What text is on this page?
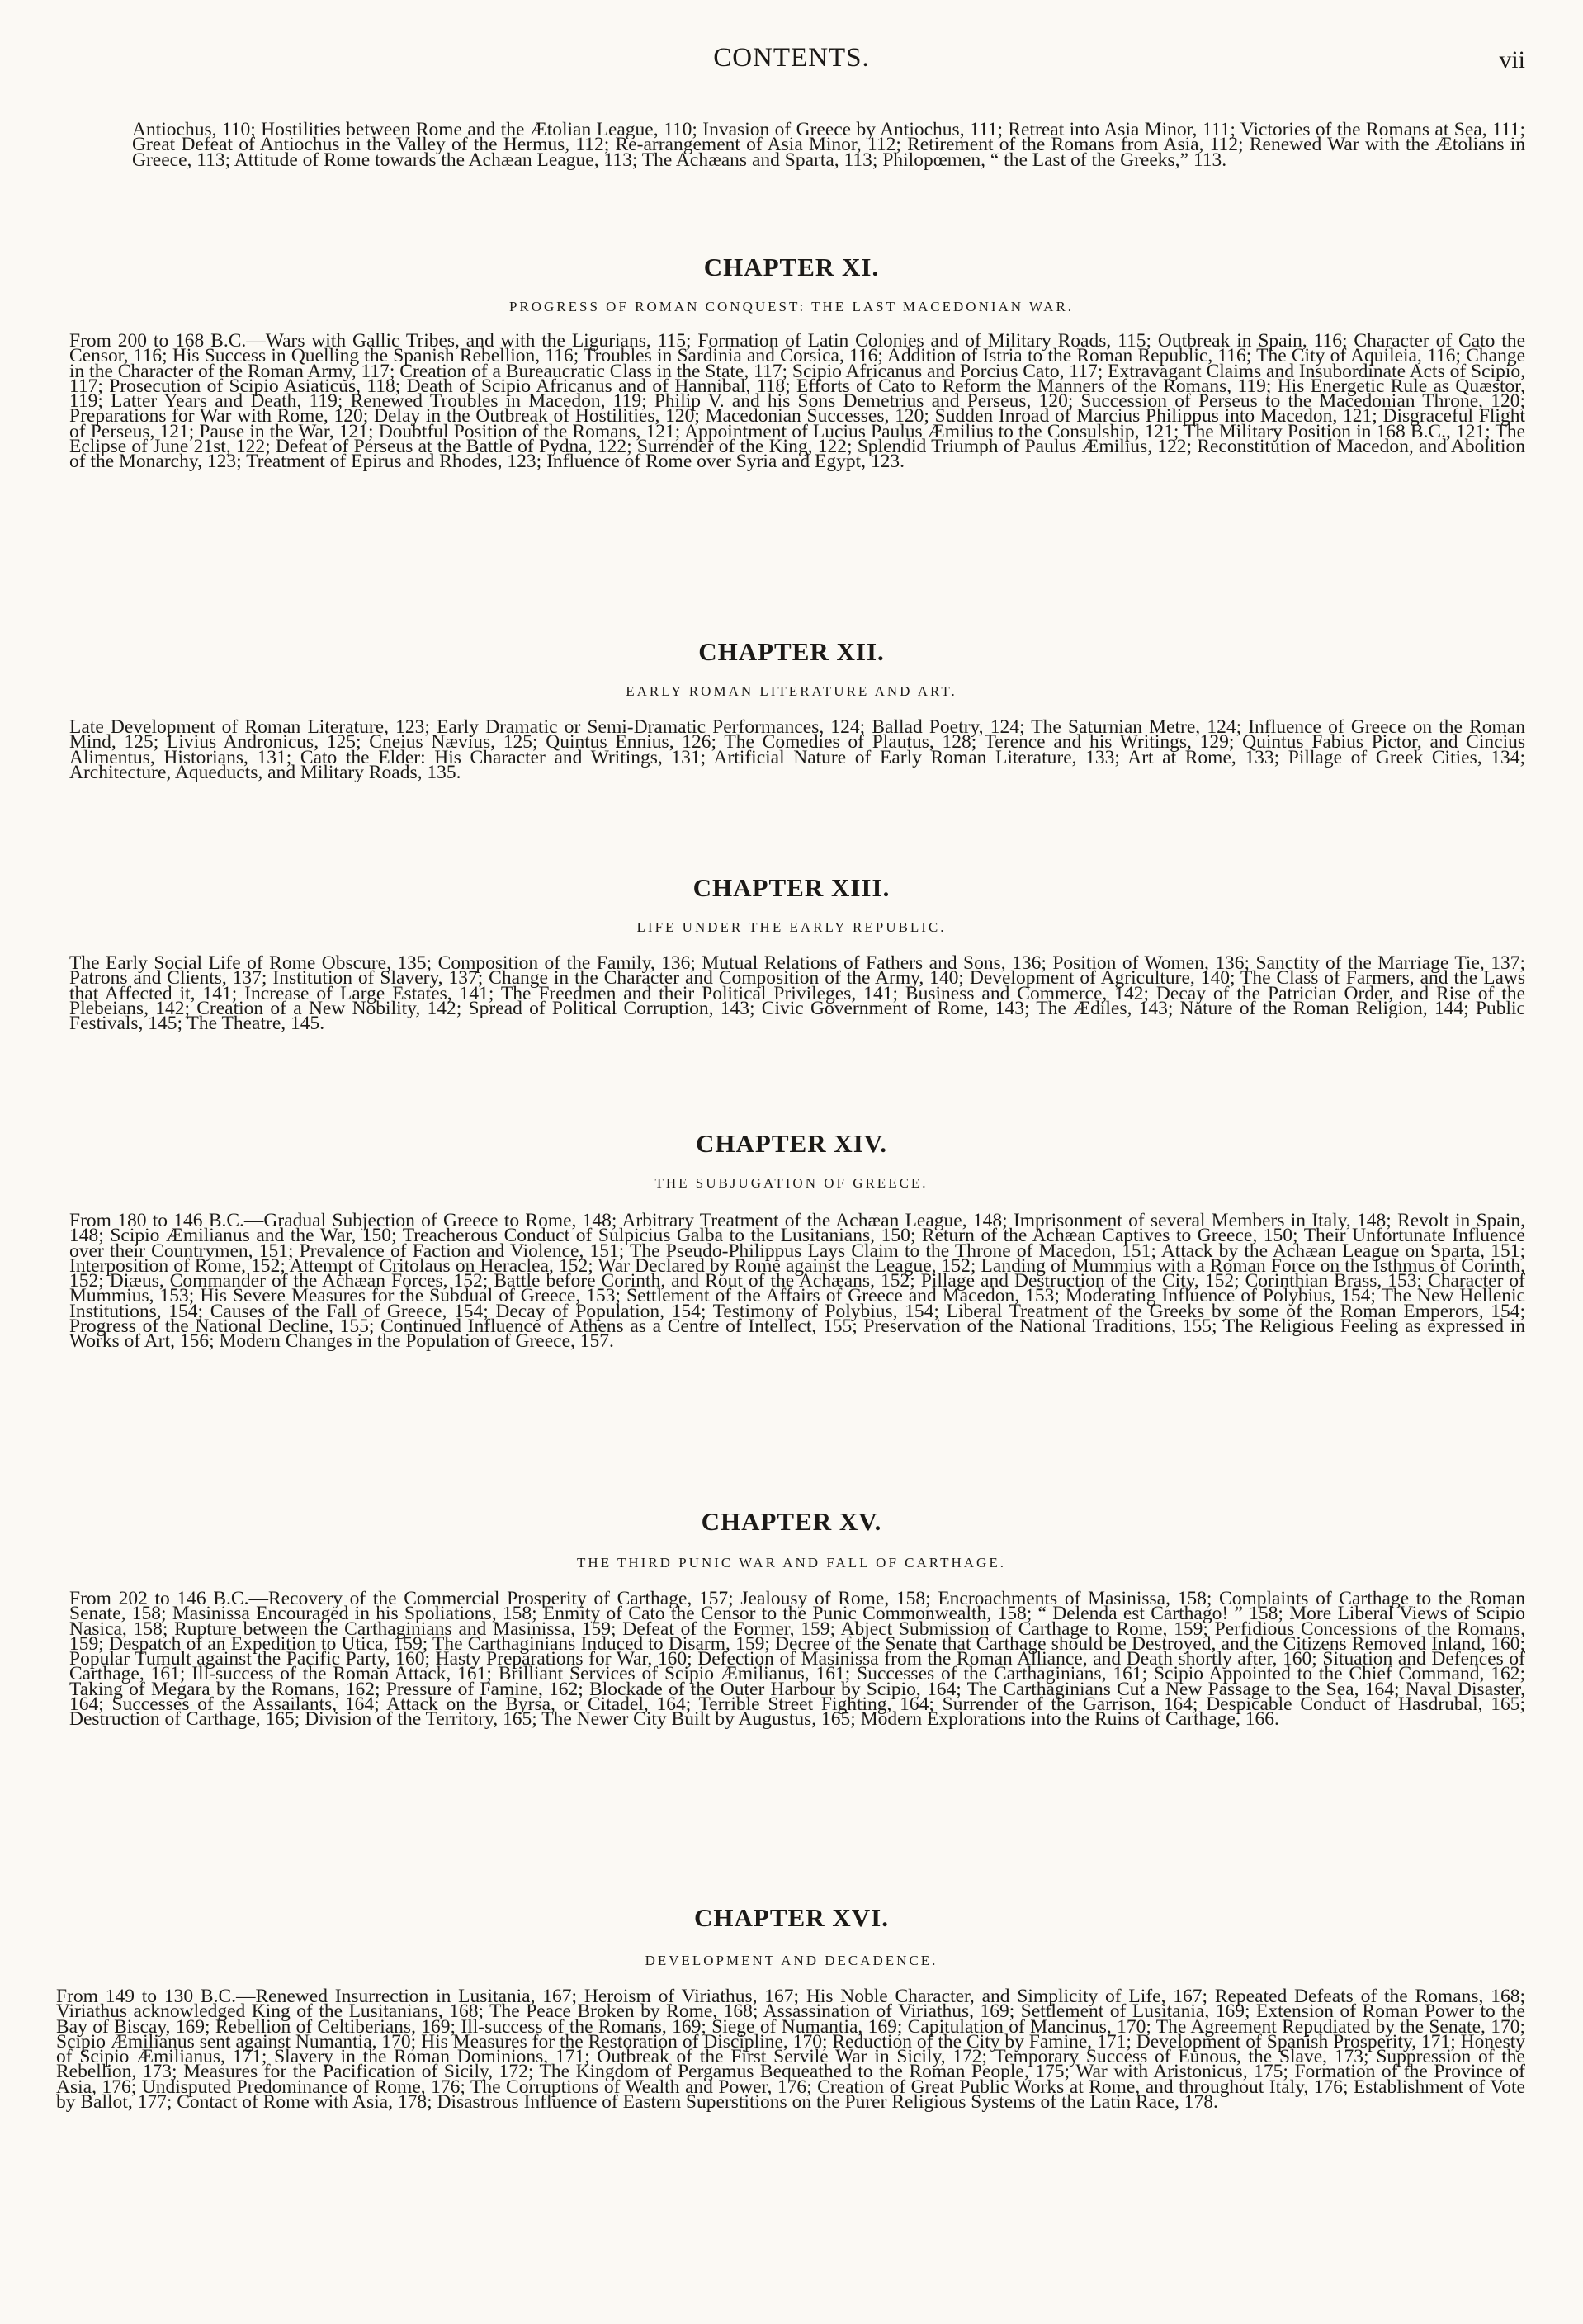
CONTENTS.	vii

Antiochus, 110; Hostilities between Rome and the Ætolian League, 110; Invasion of Greece by Antiochus, 111; Retreat into Asia Minor, 111; Victories of the Romans at Sea, 111; Great Defeat of Antiochus in the Valley of the Hermus, 112; Re-arrangement of Asia Minor, 112; Retirement of the Romans from Asia, 112; Renewed War with the Ætolians in Greece, 113; Attitude of Rome towards the Achæan League, 113; The Achæans and Sparta, 113; Philopœmen, “ the Last of the Greeks,” 113.

CHAPTER XI.
PROGRESS OF ROMAN CONQUEST: THE LAST MACEDONIAN WAR.

From 200 to 168 B.C.—Wars with Gallic Tribes, and with the Ligurians, 115; Formation of Latin Colonies and of Military Roads, 115; Outbreak in Spain, 116; Character of Cato the Censor, 116; His Success in Quelling the Spanish Rebellion, 116; Troubles in Sardinia and Corsica, 116; Addition of Istria to the Roman Republic, 116; The City of Aquileia, 116; Change in the Character of the Roman Army, 117; Creation of a Bureaucratic Class in the State, 117; Scipio Africanus and Porcius Cato, 117; Extravagant Claims and Insubordinate Acts of Scipio, 117; Prosecution of Scipio Asiaticus, 118; Death of Scipio Africanus and of Hannibal, 118; Efforts of Cato to Reform the Manners of the Romans, 119; His Energetic Rule as Quæstor, 119; Latter Years and Death, 119; Renewed Troubles in Macedon, 119; Philip V. and his Sons Demetrius and Perseus, 120; Succession of Perseus to the Macedonian Throne, 120; Preparations for War with Rome, 120; Delay in the Outbreak of Hostilities, 120; Macedonian Successes, 120; Sudden Inroad of Marcius Philippus into Macedon, 121; Disgraceful Flight of Perseus, 121; Pause in the War, 121; Doubtful Position of the Romans, 121; Appointment of Lucius Paulus Æmilius to the Consulship, 121; The Military Position in 168 B.C., 121; The Eclipse of June 21st, 122; Defeat of Perseus at the Battle of Pydna, 122; Surrender of the King, 122; Splendid Triumph of Paulus Æmilius, 122; Reconstitution of Macedon, and Abolition of the Monarchy, 123; Treatment of Epirus and Rhodes, 123; Influence of Rome over Syria and Egypt, 123.

CHAPTER XII.
EARLY ROMAN LITERATURE AND ART.

Late Development of Roman Literature, 123; Early Dramatic or Semi-Dramatic Performances, 124; Ballad Poetry, 124; The Saturnian Metre, 124; Influence of Greece on the Roman Mind, 125; Livius Andronicus, 125; Cneius Nævius, 125; Quintus Ennius, 126; The Comedies of Plautus, 128; Terence and his Writings, 129; Quintus Fabius Pictor, and Cincius Alimentus, Historians, 131; Cato the Elder: His Character and Writings, 131; Artificial Nature of Early Roman Literature, 133; Art at Rome, 133; Pillage of Greek Cities, 134; Architecture, Aqueducts, and Military Roads, 135.

CHAPTER XIII.
LIFE UNDER THE EARLY REPUBLIC.

The Early Social Life of Rome Obscure, 135; Composition of the Family, 136; Mutual Relations of Fathers and Sons, 136; Position of Women, 136; Sanctity of the Marriage Tie, 137; Patrons and Clients, 137; Institution of Slavery, 137; Change in the Character and Composition of the Army, 140; Development of Agriculture, 140; The Class of Farmers, and the Laws that Affected it, 141; Increase of Large Estates, 141; The Freedmen and their Political Privileges, 141; Business and Commerce, 142; Decay of the Patrician Order, and Rise of the Plebeians, 142; Creation of a New Nobility, 142; Spread of Political Corruption, 143; Civic Government of Rome, 143; The Ædiles, 143; Nature of the Roman Religion, 144; Public Festivals, 145; The Theatre, 145.

CHAPTER XIV.
THE SUBJUGATION OF GREECE.

From 180 to 146 B.C.—Gradual Subjection of Greece to Rome, 148; Arbitrary Treatment of the Achæan League, 148; Imprisonment of several Members in Italy, 148; Revolt in Spain, 148; Scipio Æmilianus and the War, 150; Treacherous Conduct of Sulpicius Galba to the Lusitanians, 150; Return of the Achæan Captives to Greece, 150; Their Unfortunate Influence over their Countrymen, 151; Prevalence of Faction and Violence, 151; The Pseudo-Philippus Lays Claim to the Throne of Macedon, 151; Attack by the Achæan League on Sparta, 151; Interposition of Rome, 152; Attempt of Critolaus on Heraclea, 152; War Declared by Rome against the League, 152; Landing of Mummius with a Roman Force on the Isthmus of Corinth, 152; Diæus, Commander of the Achæan Forces, 152; Battle before Corinth, and Rout of the Achæans, 152; Pillage and Destruction of the City, 152; Corinthian Brass, 153; Character of Mummius, 153; His Severe Measures for the Subdual of Greece, 153; Settlement of the Affairs of Greece and Macedon, 153; Moderating Influence of Polybius, 154; The New Hellenic Institutions, 154; Causes of the Fall of Greece, 154; Decay of Population, 154; Testimony of Polybius, 154; Liberal Treatment of the Greeks by some of the Roman Emperors, 154; Progress of the National Decline, 155; Continued Influence of Athens as a Centre of Intellect, 155; Preservation of the National Traditions, 155; The Religious Feeling as expressed in Works of Art, 156; Modern Changes in the Population of Greece, 157.

CHAPTER XV.
THE THIRD PUNIC WAR AND FALL OF CARTHAGE.

From 202 to 146 B.C.—Recovery of the Commercial Prosperity of Carthage, 157; Jealousy of Rome, 158; Encroachments of Masinissa, 158; Complaints of Carthage to the Roman Senate, 158; Masinissa Encouraged in his Spoliations, 158; Enmity of Cato the Censor to the Punic Commonwealth, 158; “ Delenda est Carthago! ” 158; More Liberal Views of Scipio Nasica, 158; Rupture between the Carthaginians and Masinissa, 159; Defeat of the Former, 159; Abject Submission of Carthage to Rome, 159; Perfidious Concessions of the Romans, 159; Despatch of an Expedition to Utica, 159; The Carthaginians Induced to Disarm, 159; Decree of the Senate that Carthage should be Destroyed, and the Citizens Removed Inland, 160; Popular Tumult against the Pacific Party, 160; Hasty Preparations for War, 160; Defection of Masinissa from the Roman Alliance, and Death shortly after, 160; Situation and Defences of Carthage, 161; Ill-success of the Roman Attack, 161; Brilliant Services of Scipio Æmilianus, 161; Successes of the Carthaginians, 161; Scipio Appointed to the Chief Command, 162; Taking of Megara by the Romans, 162; Pressure of Famine, 162; Blockade of the Outer Harbour by Scipio, 164; The Carthaginians Cut a New Passage to the Sea, 164; Naval Disaster, 164; Successes of the Assailants, 164; Attack on the Byrsa, or Citadel, 164; Terrible Street Fighting, 164; Surrender of the Garrison, 164; Despicable Conduct of Hasdrubal, 165; Destruction of Carthage, 165; Division of the Territory, 165; The Newer City Built by Augustus, 165; Modern Explorations into the Ruins of Carthage, 166.

CHAPTER XVI.
DEVELOPMENT AND DECADENCE.

From 149 to 130 B.C.—Renewed Insurrection in Lusitania, 167; Heroism of Viriathus, 167; His Noble Character, and Simplicity of Life, 167; Repeated Defeats of the Romans, 168; Viriathus acknowledged King of the Lusitanians, 168; The Peace Broken by Rome, 168; Assassination of Viriathus, 169; Settlement of Lusitania, 169; Extension of Roman Power to the Bay of Biscay, 169; Rebellion of Celtiberians, 169; Ill-success of the Romans, 169; Siege of Numantia, 169; Capitulation of Mancinus, 170; The Agreement Repudiated by the Senate, 170; Scipio Æmilianus sent against Numantia, 170; His Measures for the Restoration of Discipline, 170; Reduction of the City by Famine, 171; Development of Spanish Prosperity, 171; Honesty of Scipio Æmilianus, 171; Slavery in the Roman Dominions, 171; Outbreak of the First Servile War in Sicily, 172; Temporary Success of Eunous, the Slave, 173; Suppression of the Rebellion, 173; Measures for the Pacification of Sicily, 172; The Kingdom of Pergamus Bequeathed to the Roman People, 175; War with Aristonicus, 175; Formation of the Province of Asia, 176; Undisputed Predominance of Rome, 176; The Corruptions of Wealth and Power, 176; Creation of Great Public Works at Rome, and throughout Italy, 176; Establishment of Vote by Ballot, 177; Contact of Rome with Asia, 178; Disastrous Influence of Eastern Superstitions on the Purer Religious Systems of the Latin Race, 178.
